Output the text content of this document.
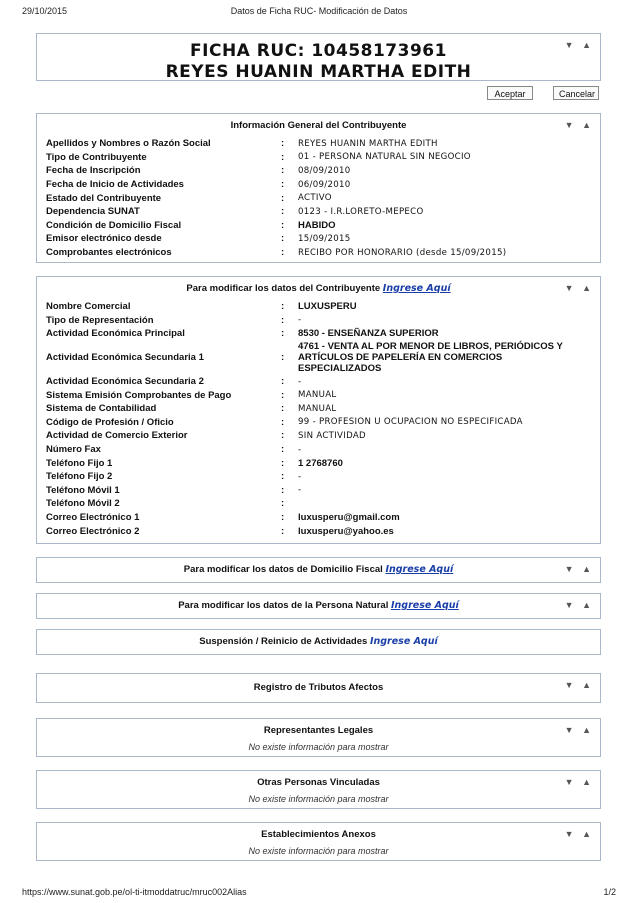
29/10/2015	Datos de Ficha RUC- Modificación de Datos
▼ ▲
FICHA RUC: 10458173961
REYES HUANIN MARTHA EDITH
Aceptar	Cancelar
▼ ▲
Información General del Contribuyente
Apellidos y Nombres o Razón Social	:	REYES HUANIN MARTHA EDITH
Tipo de Contribuyente	:	01 - PERSONA NATURAL SIN NEGOCIO
Fecha de Inscripción	:	08/09/2010
Fecha de Inicio de Actividades	:	06/09/2010
Estado del Contribuyente	:	ACTIVO
Dependencia SUNAT	:	0123 - I.R.LORETO-MEPECO
Condición de Domicilio Fiscal	:	HABIDO
Emisor electrónico desde	:	15/09/2015
Comprobantes electrónicos	:	RECIBO POR HONORARIO (desde 15/09/2015)
▼ ▲
Para modificar los datos del Contribuyente Ingrese Aquí
Nombre Comercial	:	LUXUSPERU
Tipo de Representación	:	-
Actividad Económica Principal	:	8530 - ENSEÑANZA SUPERIOR
Actividad Económica Secundaria 1	:	4761 - VENTA AL POR MENOR DE LIBROS, PERIÓDICOS Y ARTÍCULOS DE PAPELERÍA EN COMERCIOS ESPECIALIZADOS
Actividad Económica Secundaria 2	:	-
Sistema Emisión Comprobantes de Pago	:	MANUAL
Sistema de Contabilidad	:	MANUAL
Código de Profesión / Oficio	:	99 - PROFESION U OCUPACION NO ESPECIFICADA
Actividad de Comercio Exterior	:	SIN ACTIVIDAD
Número Fax	:	-
Teléfono Fijo 1	:	1 2768760
Teléfono Fijo 2	:	-
Teléfono Móvil 1	:	-
Teléfono Móvil 2	:	
Correo Electrónico 1	:	luxusperu@gmail.com
Correo Electrónico 2	:	luxusperu@yahoo.es
▼ ▲
Para modificar los datos de Domicilio Fiscal Ingrese Aquí
▼ ▲
Para modificar los datos de la Persona Natural Ingrese Aquí
Suspensión / Reinicio de Actividades Ingrese Aquí
▼ ▲
Registro de Tributos Afectos
▼ ▲
Representantes Legales
No existe información para mostrar
▼ ▲
Otras Personas Vinculadas
No existe información para mostrar
▼ ▲
Establecimientos Anexos
No existe información para mostrar
https://www.sunat.gob.pe/ol-ti-itmoddatruc/mruc002Alias	1/2
